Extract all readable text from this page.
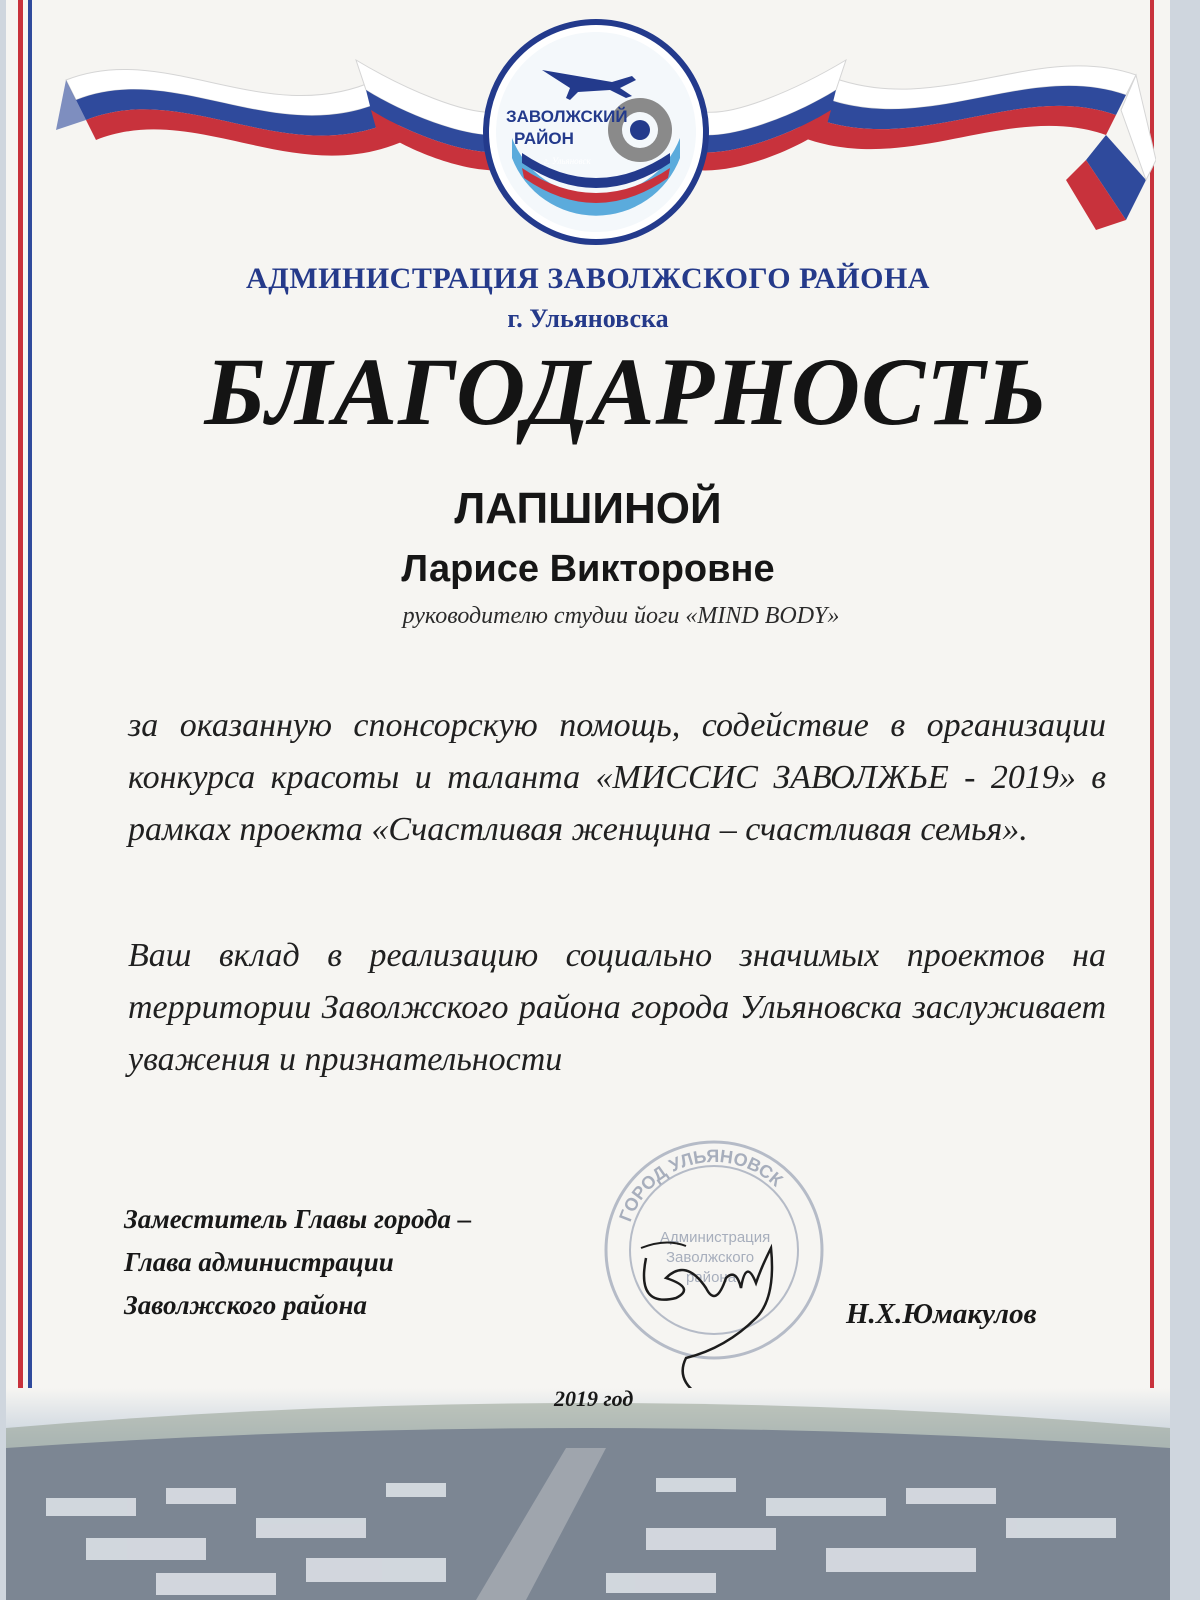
ЗАВОЛЖСКИЙ
РАЙОН
г. Ульяновск
АДМИНИСТРАЦИЯ ЗАВОЛЖСКОГО РАЙОНА
г. Ульяновска
БЛАГОДАРНОСТЬ
ЛАПШИНОЙ
Ларисе Викторовне
руководителю студии йоги «MIND BODY»
за оказанную спонсорскую помощь, содействие в организации конкурса красоты и таланта «МИССИС ЗАВОЛЖЬЕ - 2019» в рамках проекта «Счастливая женщина – счастливая семья».
Ваш вклад в реализацию социально значимых проектов на территории Заволжского района города Ульяновска заслуживает уважения и признательности
ГОРОД УЛЬЯНОВСК
Администрация
Заволжского
района
Заместитель Главы города –
Глава администрации
Заволжского района	Н.Х.Юмакулов
2019 год
